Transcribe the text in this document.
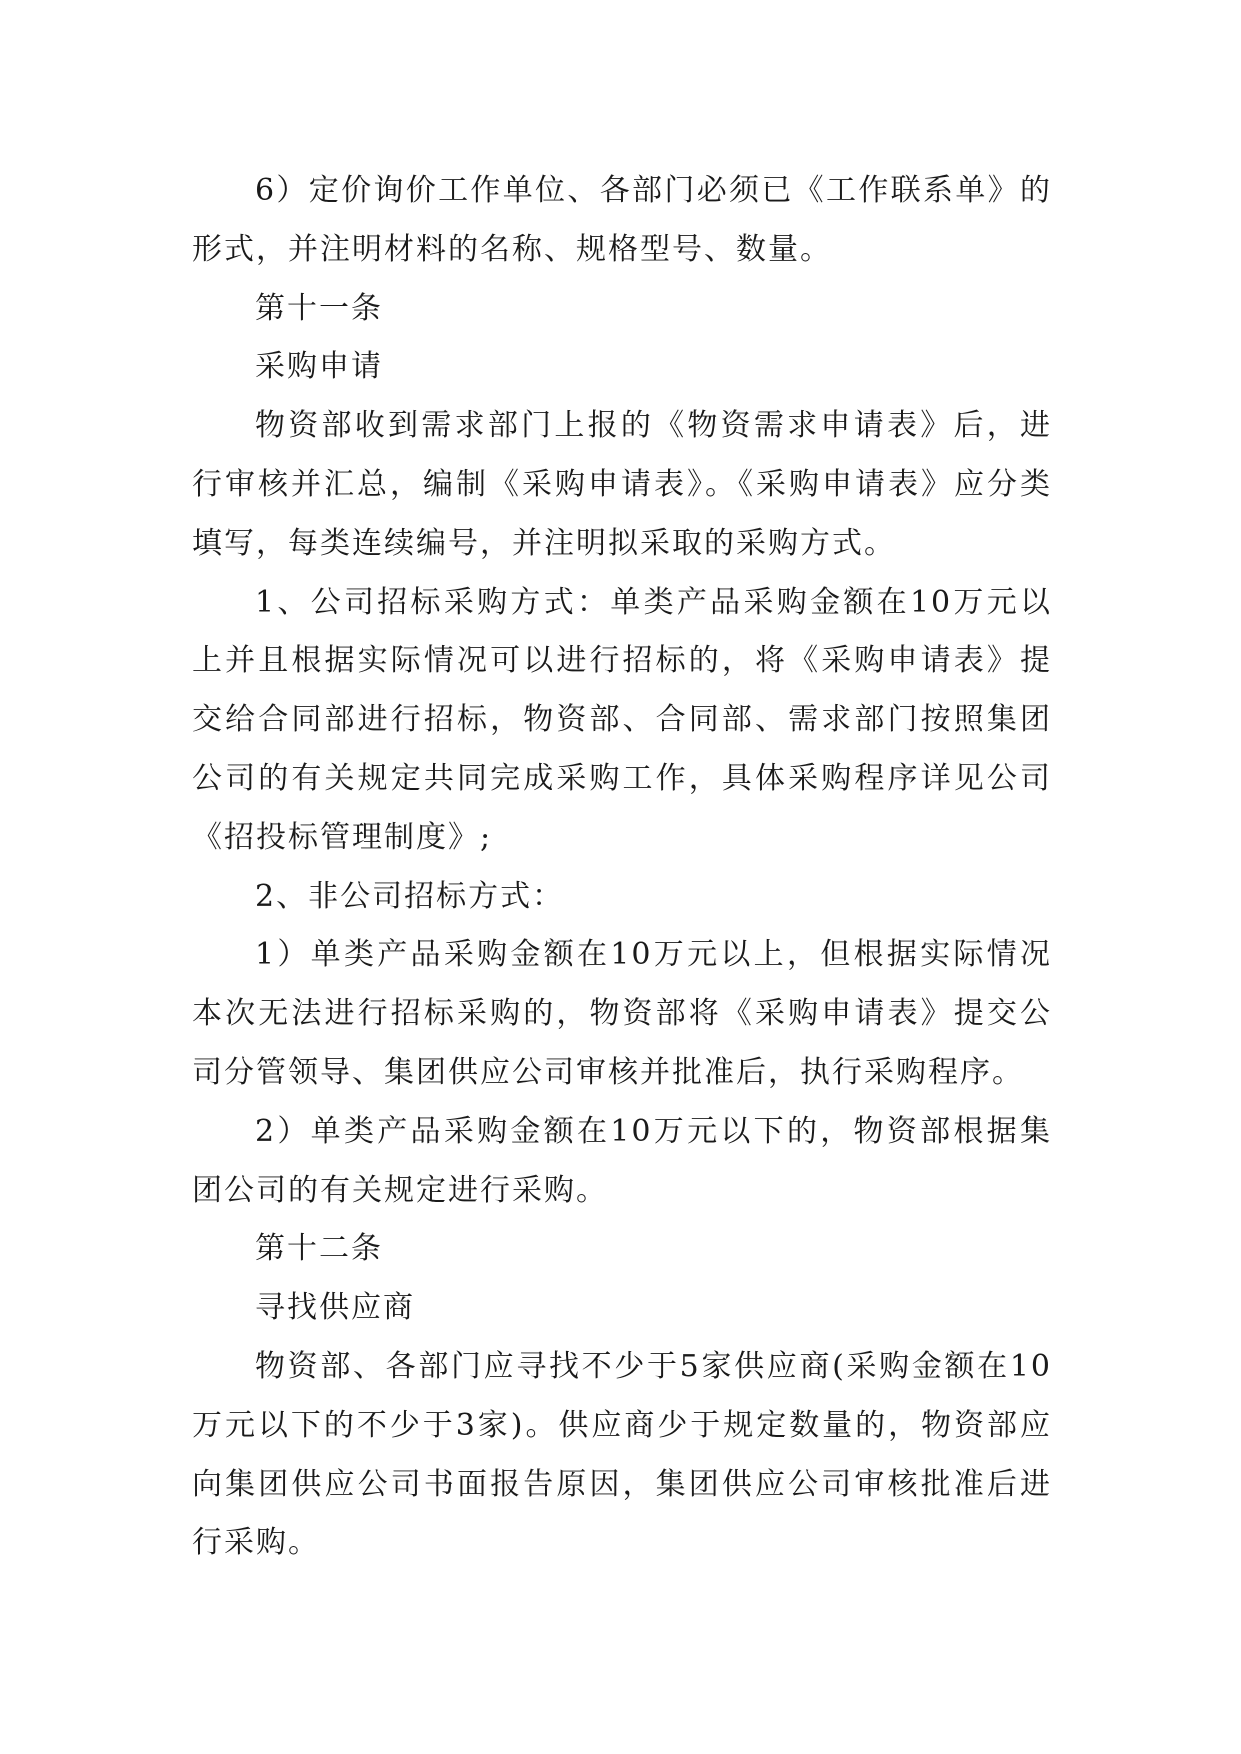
6）定价询价工作单位、各部门必须已《工作联系单》的形式，并注明材料的名称、规格型号、数量。

第十一条

采购申请

物资部收到需求部门上报的《物资需求申请表》后，进行审核并汇总，编制《采购申请表》。《采购申请表》应分类填写，每类连续编号，并注明拟采取的采购方式。

1、公司招标采购方式：单类产品采购金额在10万元以上并且根据实际情况可以进行招标的，将《采购申请表》提交给合同部进行招标，物资部、合同部、需求部门按照集团公司的有关规定共同完成采购工作，具体采购程序详见公司《招投标管理制度》;

2、非公司招标方式：

1）单类产品采购金额在10万元以上，但根据实际情况本次无法进行招标采购的，物资部将《采购申请表》提交公司分管领导、集团供应公司审核并批准后，执行采购程序。

2）单类产品采购金额在10万元以下的，物资部根据集团公司的有关规定进行采购。

第十二条

寻找供应商

物资部、各部门应寻找不少于5家供应商(采购金额在10万元以下的不少于3家)。供应商少于规定数量的，物资部应向集团供应公司书面报告原因，集团供应公司审核批准后进行采购。
